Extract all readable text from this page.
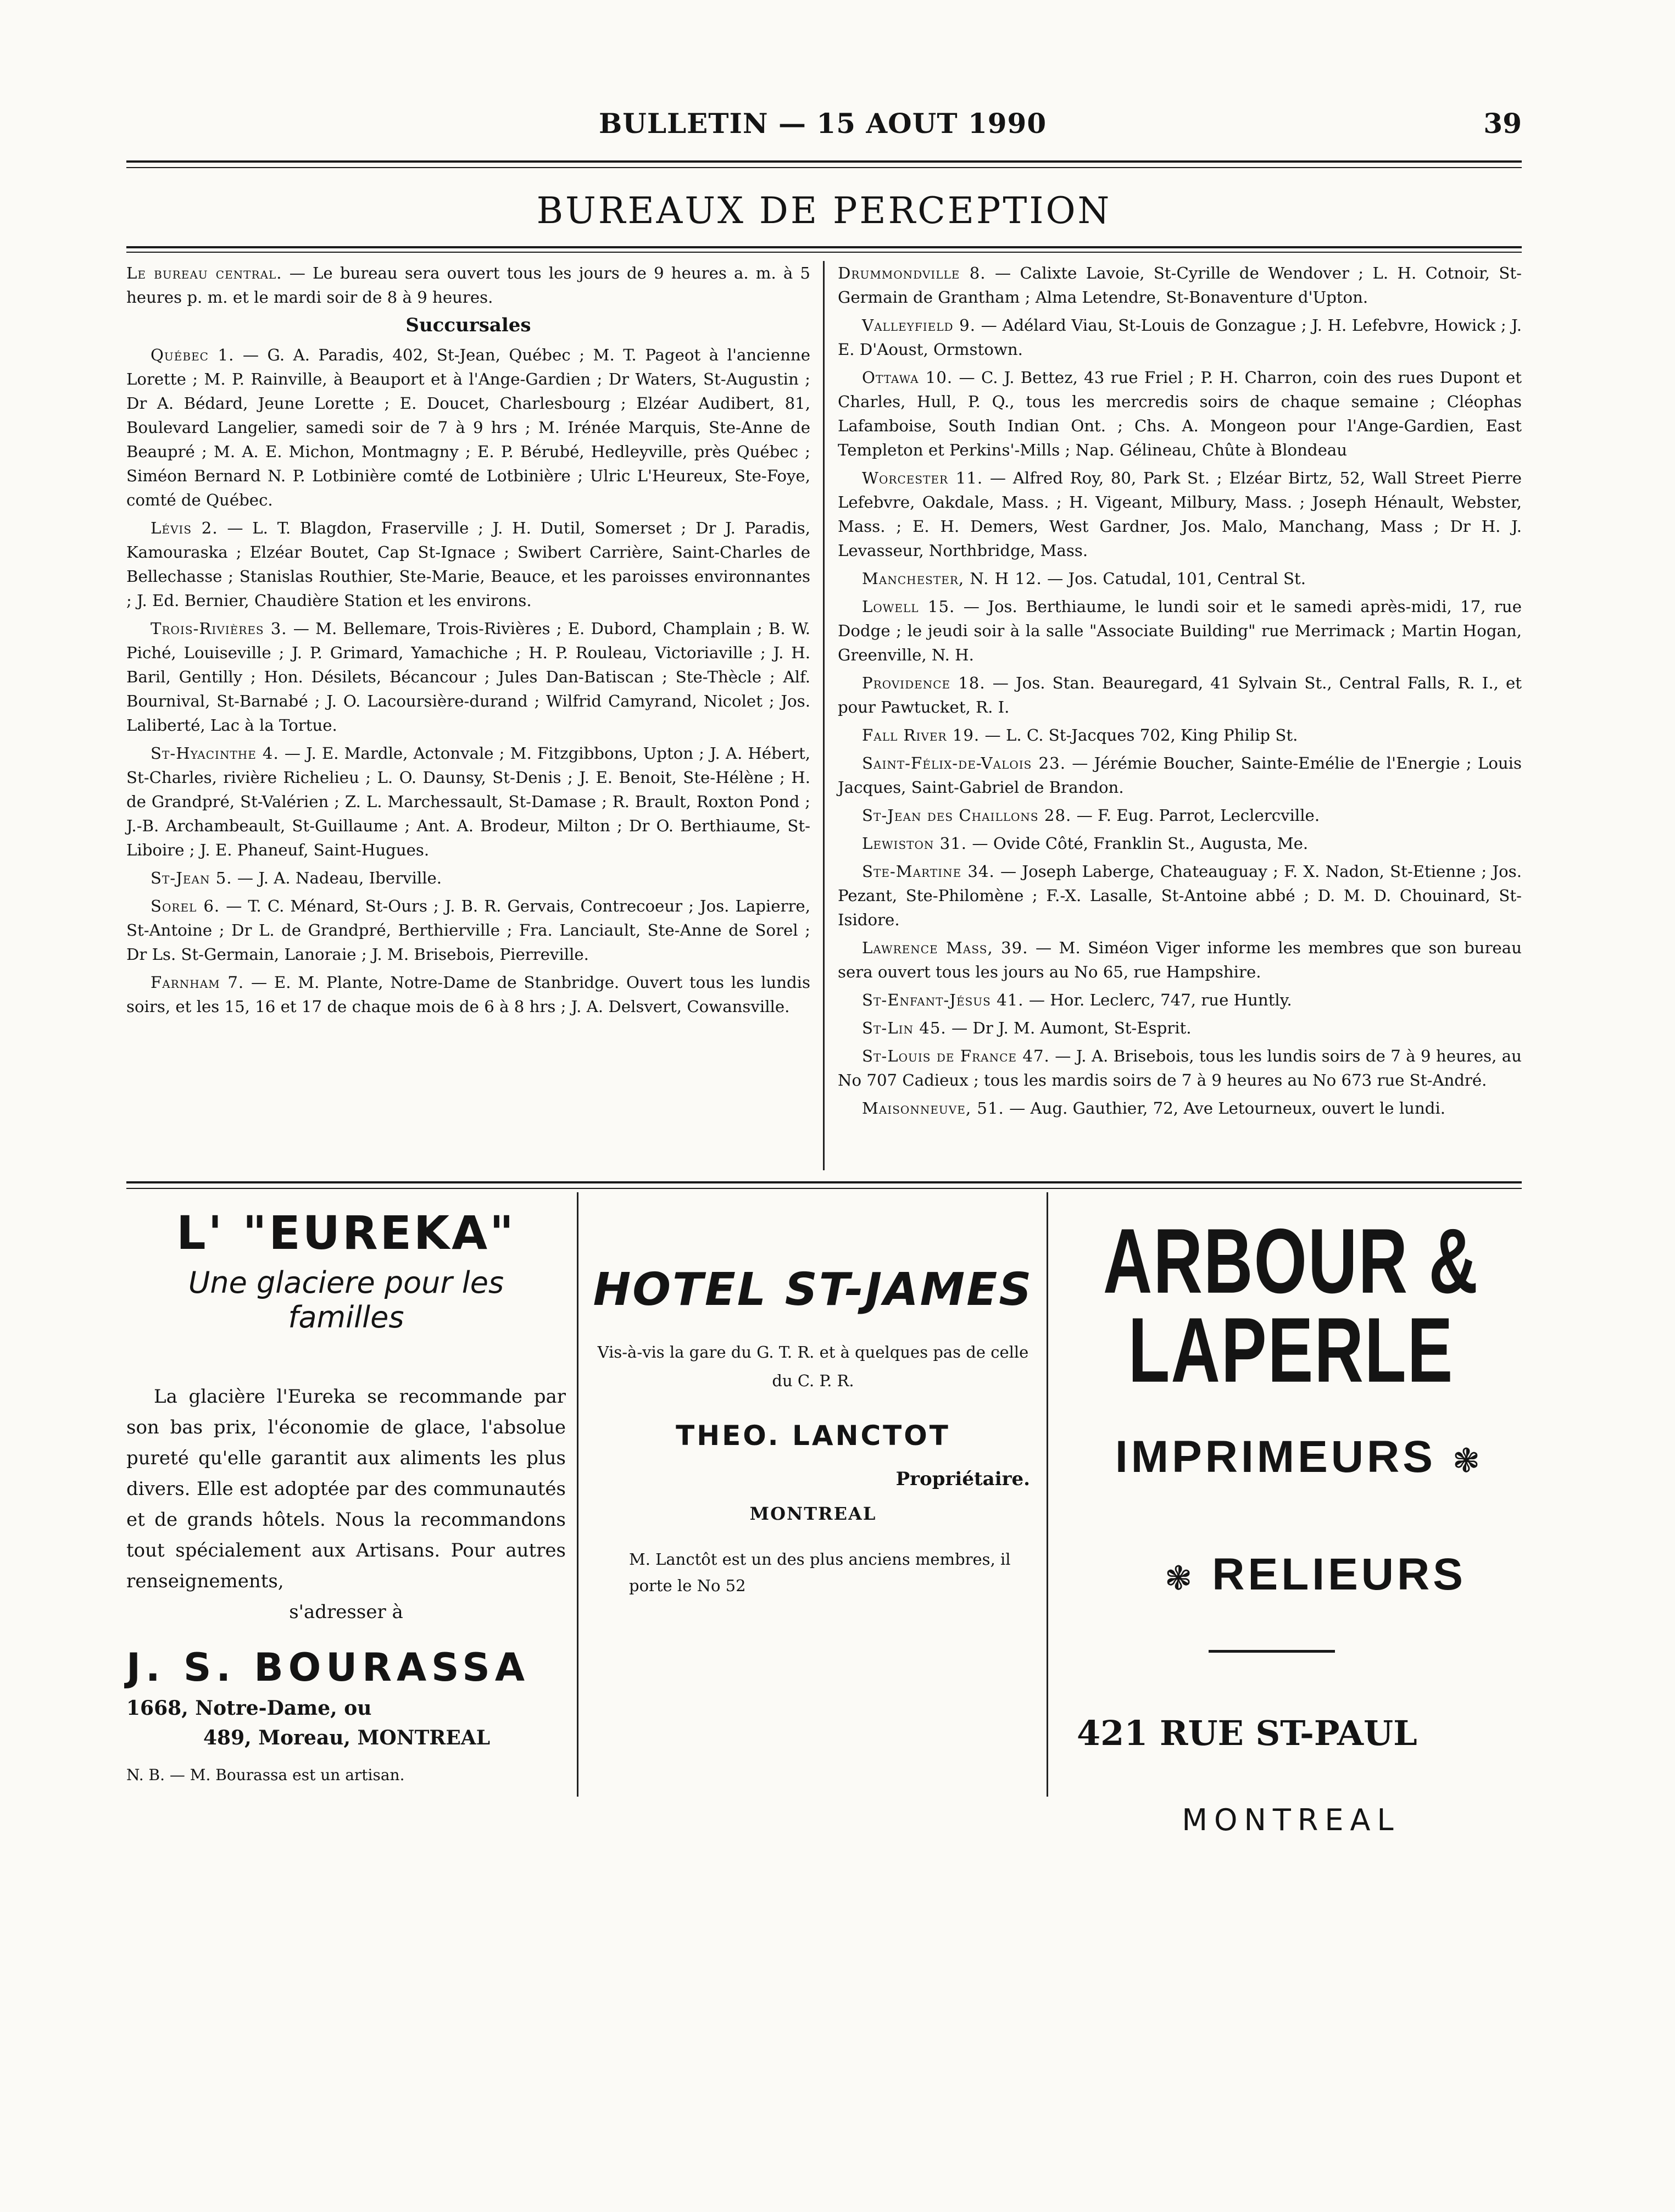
BULLETIN — 15 AOUT 1990	39
BUREAUX DE PERCEPTION

Le bureau central. — Le bureau sera ouvert tous les jours de 9 heures a. m. à 5 heures p. m. et le mardi soir de 8 à 9 heures.

Succursales

Québec 1. — G. A. Paradis, 402, St-Jean, Québec ; M. T. Pageot à l'ancienne Lorette ; M. P. Rainville, à Beauport et à l'Ange-Gardien ; Dr Waters, St-Augustin ; Dr A. Bédard, Jeune Lorette ; E. Doucet, Charlesbourg ; Elzéar Audibert, 81, Boulevard Langelier, samedi soir de 7 à 9 hrs ; M. Irénée Marquis, Ste-Anne de Beaupré ; M. A. E. Michon, Montmagny ; E. P. Bérubé, Hedleyville, près Québec ; Siméon Bernard N. P. Lotbinière comté de Lotbinière ; Ulric L'Heureux, Ste-Foye, comté de Québec.

Lévis 2. — L. T. Blagdon, Fraserville ; J. H. Dutil, Somerset ; Dr J. Paradis, Kamouraska ; Elzéar Boutet, Cap St-Ignace ; Swibert Carrière, Saint-Charles de Bellechasse ; Stanislas Routhier, Ste-Marie, Beauce, et les paroisses environnantes ; J. Ed. Bernier, Chaudière Station et les environs.

Trois-Rivières 3. — M. Bellemare, Trois-Rivières ; E. Dubord, Champlain ; B. W. Piché, Louiseville ; J. P. Grimard, Yamachiche ; H. P. Rouleau, Victoriaville ; J. H. Baril, Gentilly ; Hon. Désilets, Bécancour ; Jules Dan-Batiscan ; Ste-Thècle ; Alf. Bournival, St-Barnabé ; J. O. Lacoursière-durand ; Wilfrid Camyrand, Nicolet ; Jos. Laliberté, Lac à la Tortue.

St-Hyacinthe 4. — J. E. Mardle, Actonvale ; M. Fitzgibbons, Upton ; J. A. Hébert, St-Charles, rivière Richelieu ; L. O. Daunsy, St-Denis ; J. E. Benoit, Ste-Hélène ; H. de Grandpré, St-Valérien ; Z. L. Marchessault, St-Damase ; R. Brault, Roxton Pond ; J.-B. Archambeault, St-Guillaume ; Ant. A. Brodeur, Milton ; Dr O. Berthiaume, St-Liboire ; J. E. Phaneuf, Saint-Hugues.

St-Jean 5. — J. A. Nadeau, Iberville.

Sorel 6. — T. C. Ménard, St-Ours ; J. B. R. Gervais, Contrecoeur ; Jos. Lapierre, St-Antoine ; Dr L. de Grandpré, Berthierville ; Fra. Lanciault, Ste-Anne de Sorel ; Dr Ls. St-Germain, Lanoraie ; J. M. Brisebois, Pierreville.

Farnham 7. — E. M. Plante, Notre-Dame de Stanbridge. Ouvert tous les lundis soirs, et les 15, 16 et 17 de chaque mois de 6 à 8 hrs ; J. A. Delsvert, Cowansville.

Drummondville 8. — Calixte Lavoie, St-Cyrille de Wendover ; L. H. Cotnoir, St-Germain de Grantham ; Alma Letendre, St-Bonaventure d'Upton.

Valleyfield 9. — Adélard Viau, St-Louis de Gonzague ; J. H. Lefebvre, Howick ; J. E. D'Aoust, Ormstown.

Ottawa 10. — C. J. Bettez, 43 rue Friel ; P. H. Charron, coin des rues Dupont et Charles, Hull, P. Q., tous les mercredis soirs de chaque semaine ; Cléophas Lafamboise, South Indian Ont. ; Chs. A. Mongeon pour l'Ange-Gardien, East Templeton et Perkins'-Mills ; Nap. Gélineau, Chûte à Blondeau

Worcester 11. — Alfred Roy, 80, Park St. ; Elzéar Birtz, 52, Wall Street Pierre Lefebvre, Oakdale, Mass. ; H. Vigeant, Milbury, Mass. ; Joseph Hénault, Webster, Mass. ; E. H. Demers, West Gardner, Jos. Malo, Manchang, Mass ; Dr H. J. Levasseur, Northbridge, Mass.

Manchester, N. H 12. — Jos. Catudal, 101, Central St.

Lowell 15. — Jos. Berthiaume, le lundi soir et le samedi après-midi, 17, rue Dodge ; le jeudi soir à la salle "Associate Building" rue Merrimack ; Martin Hogan, Greenville, N. H.

Providence 18. — Jos. Stan. Beauregard, 41 Sylvain St., Central Falls, R. I., et pour Pawtucket, R. I.

Fall River 19. — L. C. St-Jacques 702, King Philip St.

Saint-Félix-de-Valois 23. — Jérémie Boucher, Sainte-Emélie de l'Energie ; Louis Jacques, Saint-Gabriel de Brandon.

St-Jean des Chaillons 28. — F. Eug. Parrot, Leclercville.

Lewiston 31. — Ovide Côté, Franklin St., Augusta, Me.

Ste-Martine 34. — Joseph Laberge, Chateauguay ; F. X. Nadon, St-Etienne ; Jos. Pezant, Ste-Philomène ; F.-X. Lasalle, St-Antoine abbé ; D. M. D. Chouinard, St-Isidore.

Lawrence Mass, 39. — M. Siméon Viger informe les membres que son bureau sera ouvert tous les jours au No 65, rue Hampshire.

St-Enfant-Jésus 41. — Hor. Leclerc, 747, rue Huntly.

St-Lin 45. — Dr J. M. Aumont, St-Esprit.

St-Louis de France 47. — J. A. Brisebois, tous les lundis soirs de 7 à 9 heures, au No 707 Cadieux ; tous les mardis soirs de 7 à 9 heures au No 673 rue St-André.

Maisonneuve, 51. — Aug. Gauthier, 72, Ave Letourneux, ouvert le lundi.

L' "EUREKA"
Une glaciere pour les familles
La glacière l'Eureka se recommande par son bas prix, l'économie de glace, l'absolue pureté qu'elle garantit aux aliments les plus divers. Elle est adoptée par des communautés et de grands hôtels. Nous la recommandons tout spécialement aux Artisans. Pour autres renseignements,
s'adresser à
J. S. BOURASSA
1668, Notre-Dame, ou
489, Moreau, MONTREAL
N. B. — M. Bourassa est un artisan.
HOTEL ST-JAMES
Vis-à-vis la gare du G. T. R. et à quelques pas de celle du C. P. R.
THEO. LANCTOT
Propriétaire.
MONTREAL
M. Lanctôt est un des plus anciens membres, il porte le No 52
ARBOUR & LAPERLE
IMPRIMEURS ❃
❃ RELIEURS
421 RUE ST-PAUL
MONTREAL
